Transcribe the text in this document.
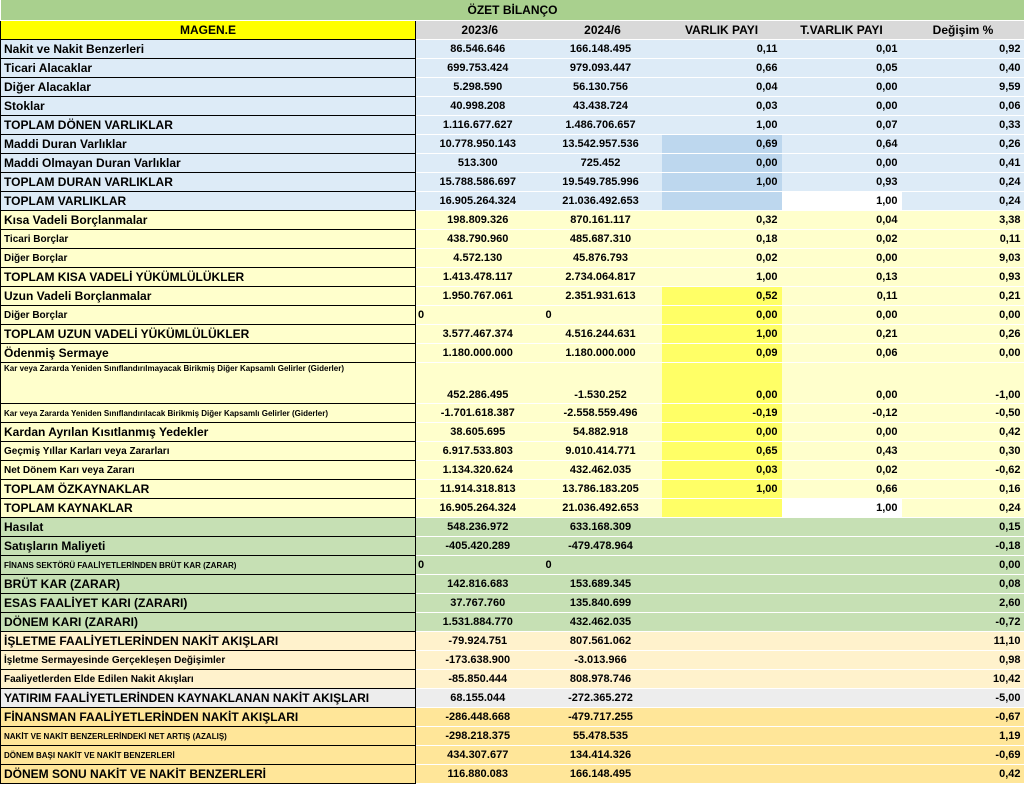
ÖZET BİLANÇO					
MAGEN.E	2023/6	2024/6	VARLIK PAYI	T.VARLIK PAYI	Değişim %
Nakit ve Nakit Benzerleri	86.546.646	166.148.495	0,11	0,01	0,92
Ticari Alacaklar	699.753.424	979.093.447	0,66	0,05	0,40
Diğer Alacaklar	5.298.590	56.130.756	0,04	0,00	9,59
Stoklar	40.998.208	43.438.724	0,03	0,00	0,06
TOPLAM DÖNEN VARLIKLAR	1.116.677.627	1.486.706.657	1,00	0,07	0,33
Maddi Duran Varlıklar	10.778.950.143	13.542.957.536	0,69	0,64	0,26
Maddi Olmayan Duran Varlıklar	513.300	725.452	0,00	0,00	0,41
TOPLAM DURAN VARLIKLAR	15.788.586.697	19.549.785.996	1,00	0,93	0,24
TOPLAM VARLIKLAR	16.905.264.324	21.036.492.653		1,00	0,24
Kısa Vadeli Borçlanmalar	198.809.326	870.161.117	0,32	0,04	3,38
Ticari Borçlar	438.790.960	485.687.310	0,18	0,02	0,11
Diğer Borçlar	4.572.130	45.876.793	0,02	0,00	9,03
TOPLAM KISA VADELİ YÜKÜMLÜLÜKLER	1.413.478.117	2.734.064.817	1,00	0,13	0,93
Uzun Vadeli Borçlanmalar	1.950.767.061	2.351.931.613	0,52	0,11	0,21
Diğer Borçlar	0	0	0,00	0,00	0,00
TOPLAM UZUN VADELİ YÜKÜMLÜLÜKLER	3.577.467.374	4.516.244.631	1,00	0,21	0,26
Ödenmiş Sermaye	1.180.000.000	1.180.000.000	0,09	0,06	0,00
Kar veya Zararda Yeniden Sınıflandırılmayacak Birikmiş Diğer Kapsamlı Gelirler (Giderler)	452.286.495	-1.530.252	0,00	0,00	-1,00
Kar veya Zararda Yeniden Sınıflandırılacak Birikmiş Diğer Kapsamlı Gelirler (Giderler)	-1.701.618.387	-2.558.559.496	-0,19	-0,12	-0,50
Kardan Ayrılan Kısıtlanmış Yedekler	38.605.695	54.882.918	0,00	0,00	0,42
Geçmiş Yıllar Karları veya Zararları	6.917.533.803	9.010.414.771	0,65	0,43	0,30
Net Dönem Karı veya Zararı	1.134.320.624	432.462.035	0,03	0,02	-0,62
TOPLAM ÖZKAYNAKLAR	11.914.318.813	13.786.183.205	1,00	0,66	0,16
TOPLAM KAYNAKLAR	16.905.264.324	21.036.492.653		1,00	0,24
Hasılat	548.236.972	633.168.309			0,15
Satışların Maliyeti	-405.420.289	-479.478.964			-0,18
FİNANS SEKTÖRÜ FAALİYETLERİNDEN BRÜT KAR (ZARAR)	0	0			0,00
BRÜT KAR (ZARAR)	142.816.683	153.689.345			0,08
ESAS FAALİYET KARI (ZARARI)	37.767.760	135.840.699			2,60
DÖNEM KARI (ZARARI)	1.531.884.770	432.462.035			-0,72
İŞLETME FAALİYETLERİNDEN NAKİT AKIŞLARI	-79.924.751	807.561.062			11,10
İşletme Sermayesinde Gerçekleşen Değişimler	-173.638.900	-3.013.966			0,98
Faaliyetlerden Elde Edilen Nakit Akışları	-85.850.444	808.978.746			10,42
YATIRIM FAALİYETLERİNDEN KAYNAKLANAN NAKİT AKIŞLARI	68.155.044	-272.365.272			-5,00
FİNANSMAN FAALİYETLERİNDEN NAKİT AKIŞLARI	-286.448.668	-479.717.255			-0,67
NAKİT VE NAKİT BENZERLERİNDEKİ NET ARTIŞ (AZALIŞ)	-298.218.375	55.478.535			1,19
DÖNEM BAŞI NAKİT VE NAKİT BENZERLERİ	434.307.677	134.414.326			-0,69
DÖNEM SONU NAKİT VE NAKİT BENZERLERİ	116.880.083	166.148.495			0,42
